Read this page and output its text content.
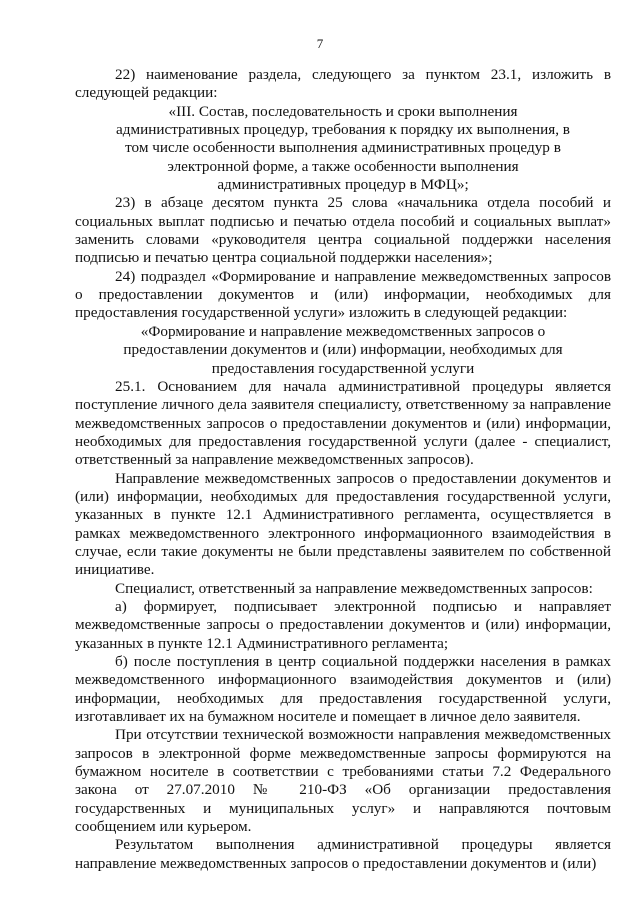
7

22) наименование раздела, следующего за пунктом 23.1, изложить в следующей редакции:

«III. Состав, последовательность и сроки выполнения административных процедур, требования к порядку их выполнения, в том числе особенности выполнения административных процедур в электронной форме, а также особенности выполнения административных процедур в МФЦ»;

23) в абзаце десятом пункта 25 слова «начальника отдела пособий и социальных выплат подписью и печатью отдела пособий и социальных выплат» заменить словами «руководителя центра социальной поддержки населения подписью и печатью центра социальной поддержки населения»;

24) подраздел «Формирование и направление межведомственных запросов о предоставлении документов и (или) информации, необходимых для предоставления государственной услуги» изложить в следующей редакции:

«Формирование и направление межведомственных запросов о предоставлении документов и (или) информации, необходимых для предоставления государственной услуги

25.1. Основанием для начала административной процедуры является поступление личного дела заявителя специалисту, ответственному за направление межведомственных запросов о предоставлении документов и (или) информации, необходимых для предоставления государственной услуги (далее - специалист, ответственный за направление межведомственных запросов).

Направление межведомственных запросов о предоставлении документов и (или) информации, необходимых для предоставления государственной услуги, указанных в пункте 12.1 Административного регламента, осуществляется в рамках межведомственного электронного информационного взаимодействия в случае, если такие документы не были представлены заявителем по собственной инициативе.

Специалист, ответственный за направление межведомственных запросов:

а) формирует, подписывает электронной подписью и направляет межведомственные запросы о предоставлении документов и (или) информации, указанных в пункте 12.1 Административного регламента;

б) после поступления в центр социальной поддержки населения в рамках межведомственного информационного взаимодействия документов и (или) информации, необходимых для предоставления государственной услуги, изготавливает их на бумажном носителе и помещает в личное дело заявителя.

При отсутствии технической возможности направления межведомственных запросов в электронной форме межведомственные запросы формируются на бумажном носителе в соответствии с требованиями статьи 7.2 Федерального закона от 27.07.2010 № 210-ФЗ «Об организации предоставления государственных и муниципальных услуг» и направляются почтовым сообщением или курьером.

Результатом выполнения административной процедуры является направление межведомственных запросов о предоставлении документов и (или)
